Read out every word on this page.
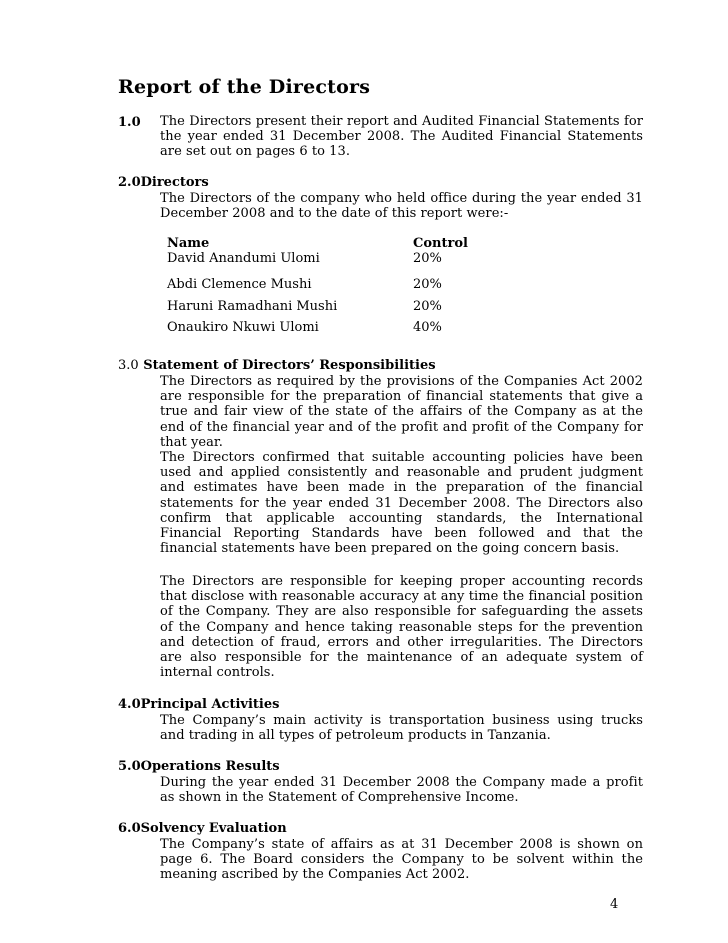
Report of the Directors
1.0 The Directors present their report and Audited Financial Statements for the year ended 31 December 2008. The Audited Financial Statements are set out on pages 6 to 13.
2.0Directors
The Directors of the company who held office during the year ended 31 December 2008 and to the date of this report were:-
Name	Control
David Anandumi Ulomi	20%
Abdi Clemence Mushi	20%
Haruni Ramadhani Mushi	20%
Onaukiro Nkuwi Ulomi	40%
3.0 Statement of Directors’ Responsibilities
The Directors as required by the provisions of the Companies Act 2002 are responsible for the preparation of financial statements that give a true and fair view of the state of the affairs of the Company as at the end of the financial year and of the profit and profit of the Company for that year.
The Directors confirmed that suitable accounting policies have been used and applied consistently and reasonable and prudent judgment and estimates have been made in the preparation of the financial statements for the year ended 31 December 2008. The Directors also confirm that applicable accounting standards, the International Financial Reporting Standards have been followed and that the financial statements have been prepared on the going concern basis.
The Directors are responsible for keeping proper accounting records that disclose with reasonable accuracy at any time the financial position of the Company. They are also responsible for safeguarding the assets of the Company and hence taking reasonable steps for the prevention and detection of fraud, errors and other irregularities. The Directors are also responsible for the maintenance of an adequate system of internal controls.
4.0Principal Activities
The Company’s main activity is transportation business using trucks and trading in all types of petroleum products in Tanzania.
5.0Operations Results
During the year ended 31 December 2008 the Company made a profit as shown in the Statement of Comprehensive Income.
6.0Solvency Evaluation
The Company’s state of affairs as at 31 December 2008 is shown on page 6. The Board considers the Company to be solvent within the meaning ascribed by the Companies Act 2002.
4
